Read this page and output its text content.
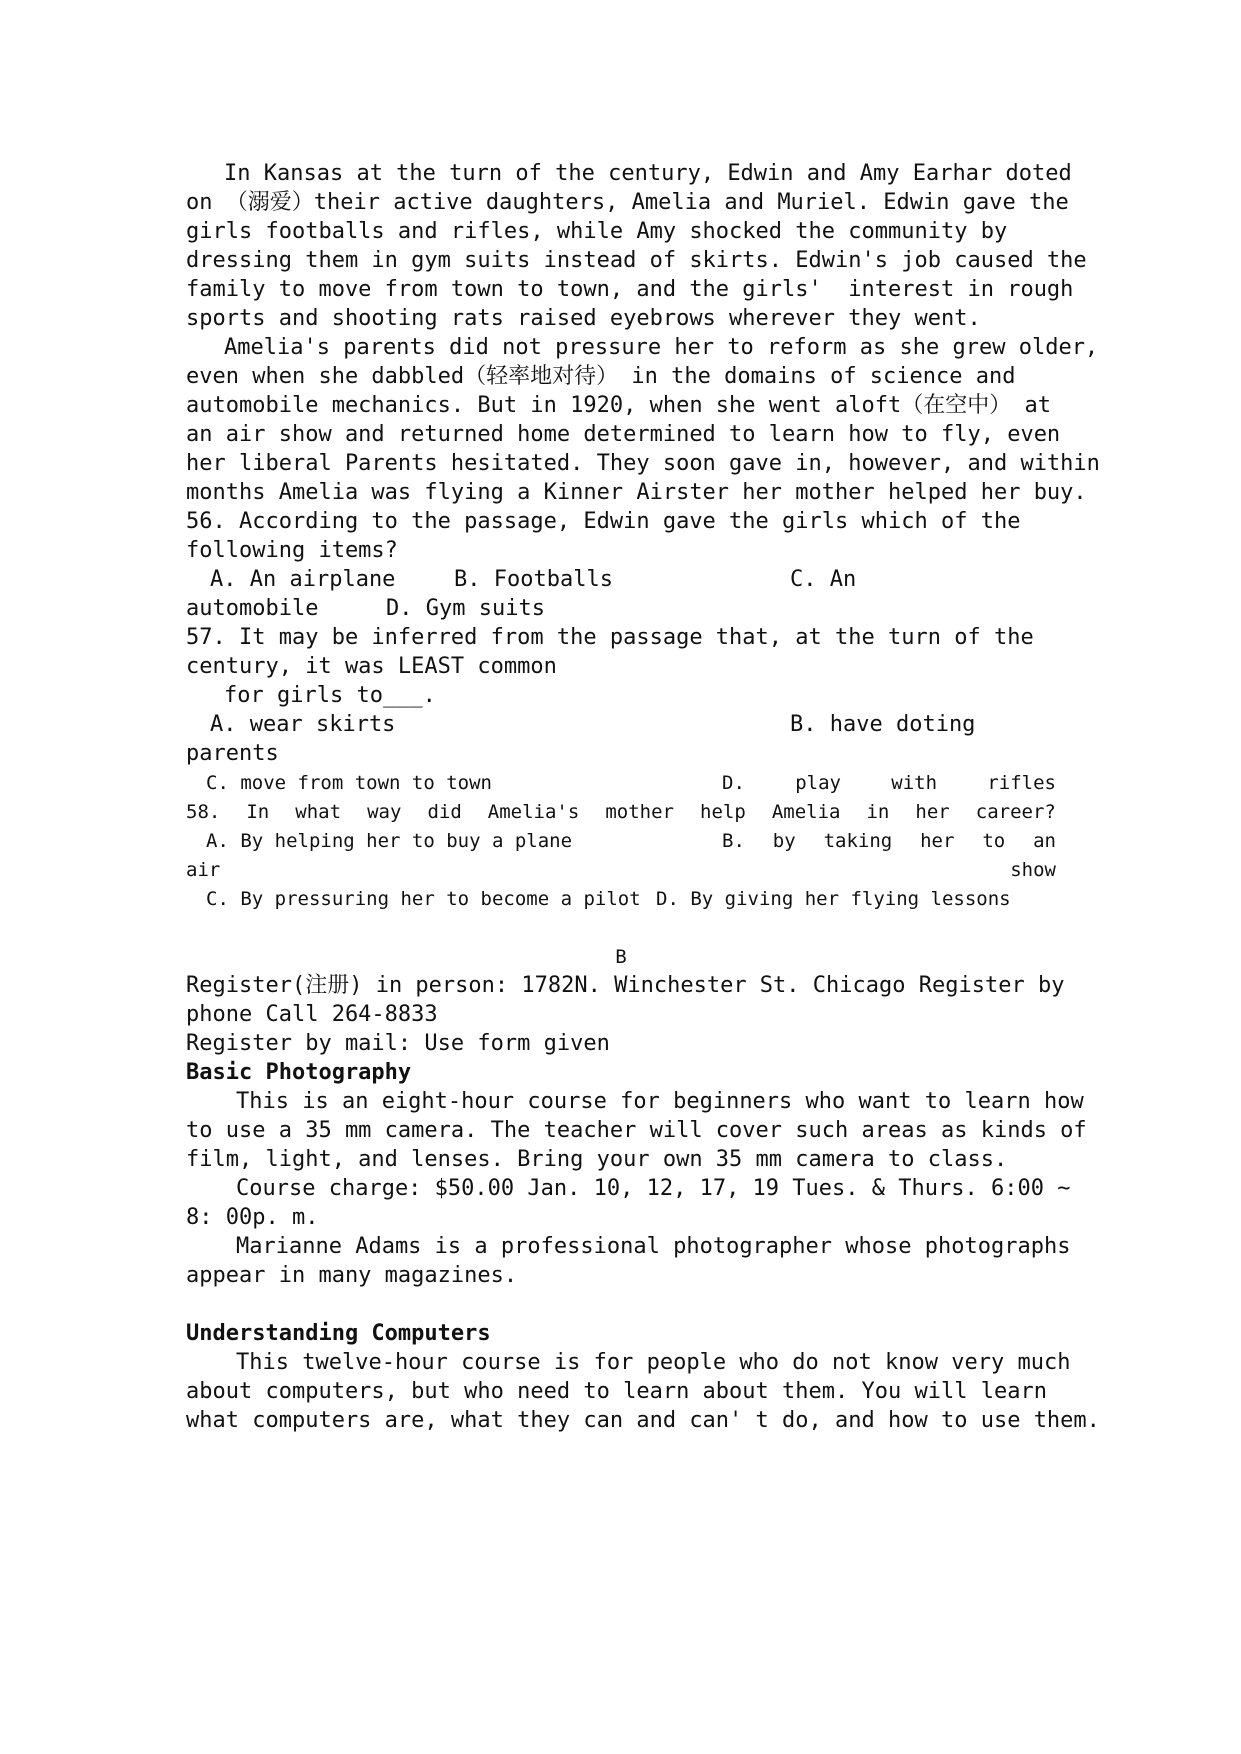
In Kansas at the turn of the century, Edwin and Amy Earhar doted
on （溺爱）their active daughters, Amelia and Muriel. Edwin gave the
girls footballs and rifles, while Amy shocked the community by
dressing them in gym suits instead of skirts. Edwin's job caused the
family to move from town to town, and the girls'  interest in rough
sports and shooting rats raised eyebrows wherever they went.
Amelia's parents did not pressure her to reform as she grew older,
even when she dabbled（轻率地对待） in the domains of science and
automobile mechanics. But in 1920, when she went aloft（在空中） at
an air show and returned home determined to learn how to fly, even
her liberal Parents hesitated. They soon gave in, however, and within
months Amelia was flying a Kinner Airster her mother helped her buy.
56. According to the passage, Edwin gave the girls which of the
following items?
A. An airplane	B. Footballs	C. An
automobile	D. Gym suits
57. It may be inferred from the passage that, at the turn of the
century, it was LEAST common
for girls to___.
A. wear skirts	B. have doting
parents
C. move from town to town	D.	play	with	rifles
58. In what way did Amelia's mother help Amelia in her career?
A. By helping her to buy a plane	B. by taking her to an
air	show
C. By pressuring her to become a pilot D. By giving her flying lessons
B
Register(注册) in person: 1782N. Winchester St. Chicago Register by
phone Call 264-8833
Register by mail: Use form given
Basic Photography
This is an eight-hour course for beginners who want to learn how
to use a 35 mm camera. The teacher will cover such areas as kinds of
film, light, and lenses. Bring your own 35 mm camera to class.
Course charge: $50.00 Jan. 10, 12, 17, 19 Tues. & Thurs. 6:00 ~
8: 00p. m.
Marianne Adams is a professional photographer whose photographs
appear in many magazines.
Understanding Computers
This twelve-hour course is for people who do not know very much
about computers, but who need to learn about them. You will learn
what computers are, what they can and can' t do, and how to use them.
